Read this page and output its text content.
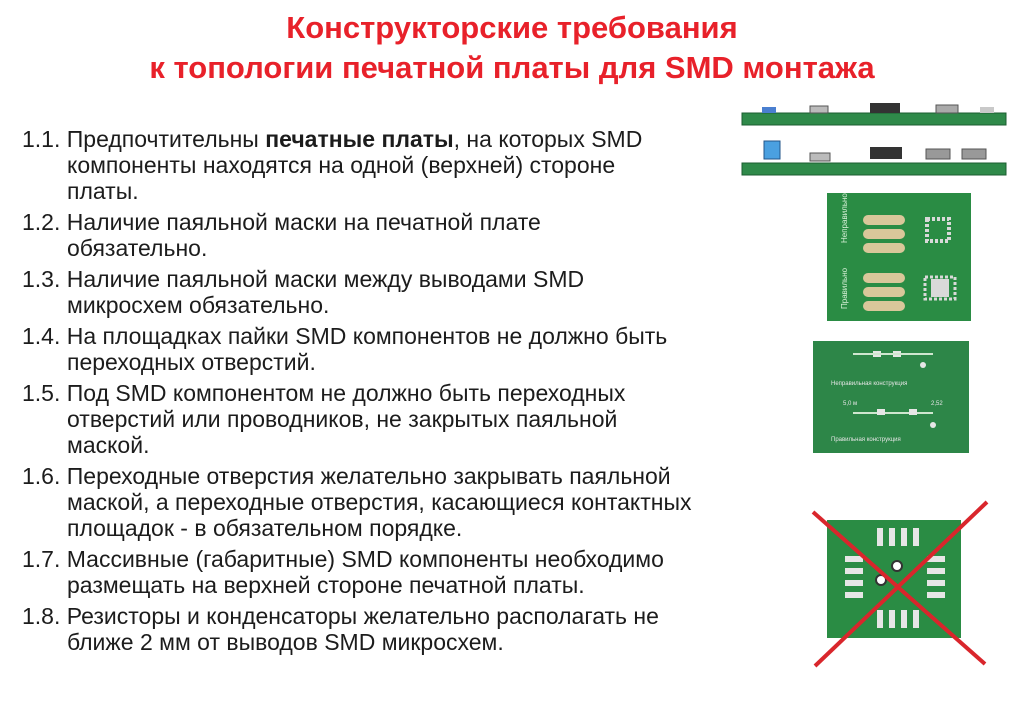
Конструкторские требования
к топологии печатной платы для SMD монтажа
1.1. Предпочтительны печатные платы, на которых SMD
компоненты находятся на одной (верхней) стороне
платы.
1.2. Наличие паяльной маски на печатной плате
обязательно.
1.3. Наличие паяльной маски между выводами SMD
микросхем обязательно.
1.4. На площадках пайки SMD компонентов не должно быть
переходных отверстий.
1.5. Под SMD компонентом не должно быть переходных
отверстий или проводников, не закрытых паяльной
маской.
1.6. Переходные отверстия желательно закрывать паяльной
маской, а переходные отверстия, касающиеся контактных
площадок - в обязательном порядке.
1.7. Массивные (габаритные) SMD компоненты необходимо
размещать на верхней стороне печатной платы.
1.8. Резисторы и конденсаторы желательно располагать не
ближе 2 мм от выводов SMD микросхем.
Неправильно
Правильно
Неправильная конструкция
5,0 м	2,52
Правильная конструкция
